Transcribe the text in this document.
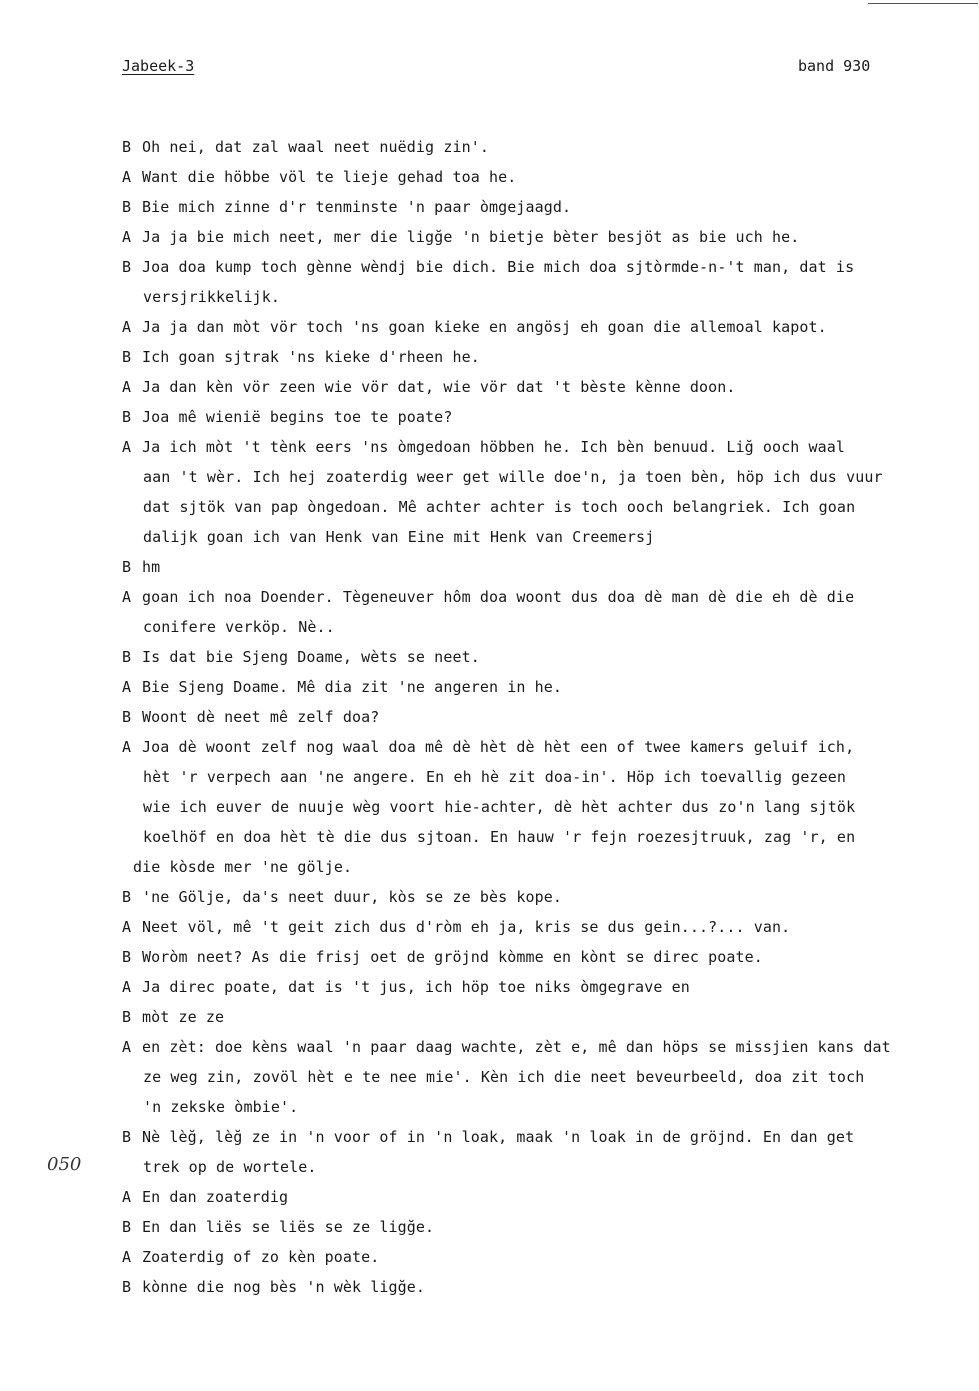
Jabeek-3	band 930
050
B Oh nei, dat zal waal neet nuëdig zin'.
A Want die höbbe völ te lieje gehad toa he.
B Bie mich zinne d'r tenminste 'n paar òmgejaagd.
A Ja ja bie mich neet, mer die ligğe 'n bietje bèter besjöt as bie uch he.
B Joa doa kump toch gènne wèndj bie dich. Bie mich doa sjtòrmde-n-'t man, dat is
versjrikkelijk.
A Ja ja dan mòt vör toch 'ns goan kieke en angösj eh goan die allemoal kapot.
B Ich goan sjtrak 'ns kieke d'rheen he.
A Ja dan kèn vör zeen wie vör dat, wie vör dat 't bèste kènne doon.
B Joa mê wienië begins toe te poate?
A Ja ich mòt 't tènk eers 'ns òmgedoan höbben he. Ich bèn benuud. Liğ ooch waal
aan 't wèr. Ich hej zoaterdig weer get wille doe'n, ja toen bèn, höp ich dus vuur
dat sjtök van pap òngedoan. Mê achter achter is toch ooch belangriek. Ich goan
dalijk goan ich van Henk van Eine mit Henk van Creemersj
B hm
A goan ich noa Doender. Tègeneuver hôm doa woont dus doa dè man dè die eh dè die
conifere verköp. Nè..
B Is dat bie Sjeng Doame, wèts se neet.
A Bie Sjeng Doame. Mê dia zit 'ne angeren in he.
B Woont dè neet mê zelf doa?
A Joa dè woont zelf nog waal doa mê dè hèt dè hèt een of twee kamers geluif ich,
hèt 'r verpech aan 'ne angere. En eh hè zit doa-in'. Höp ich toevallig gezeen
wie ich euver de nuuje wèg voort hie-achter, dè hèt achter dus zo'n lang sjtök
koelhöf en doa hèt tè die dus sjtoan. En hauw 'r fejn roezesjtruuk, zag 'r, en
die kòsde mer 'ne gölje.
B 'ne Gölje, da's neet duur, kòs se ze bès kope.
A Neet völ, mê 't geit zich dus d'ròm eh ja, kris se dus gein...?... van.
B Woròm neet? As die frisj oet de gröjnd kòmme en kònt se direc poate.
A Ja direc poate, dat is 't jus, ich höp toe niks òmgegrave en
B mòt ze ze
A en zèt: doe kèns waal 'n paar daag wachte, zèt e, mê dan höps se missjien kans dat
ze weg zin, zovöl hèt e te nee mie'. Kèn ich die neet beveurbeeld, doa zit toch
'n zekske òmbie'.
B Nè lèğ, lèğ ze in 'n voor of in 'n loak, maak 'n loak in de gröjnd. En dan get
trek op de wortele.
A En dan zoaterdig
B En dan liës se liës se ze ligğe.
A Zoaterdig of zo kèn poate.
B kònne die nog bès 'n wèk ligğe.
